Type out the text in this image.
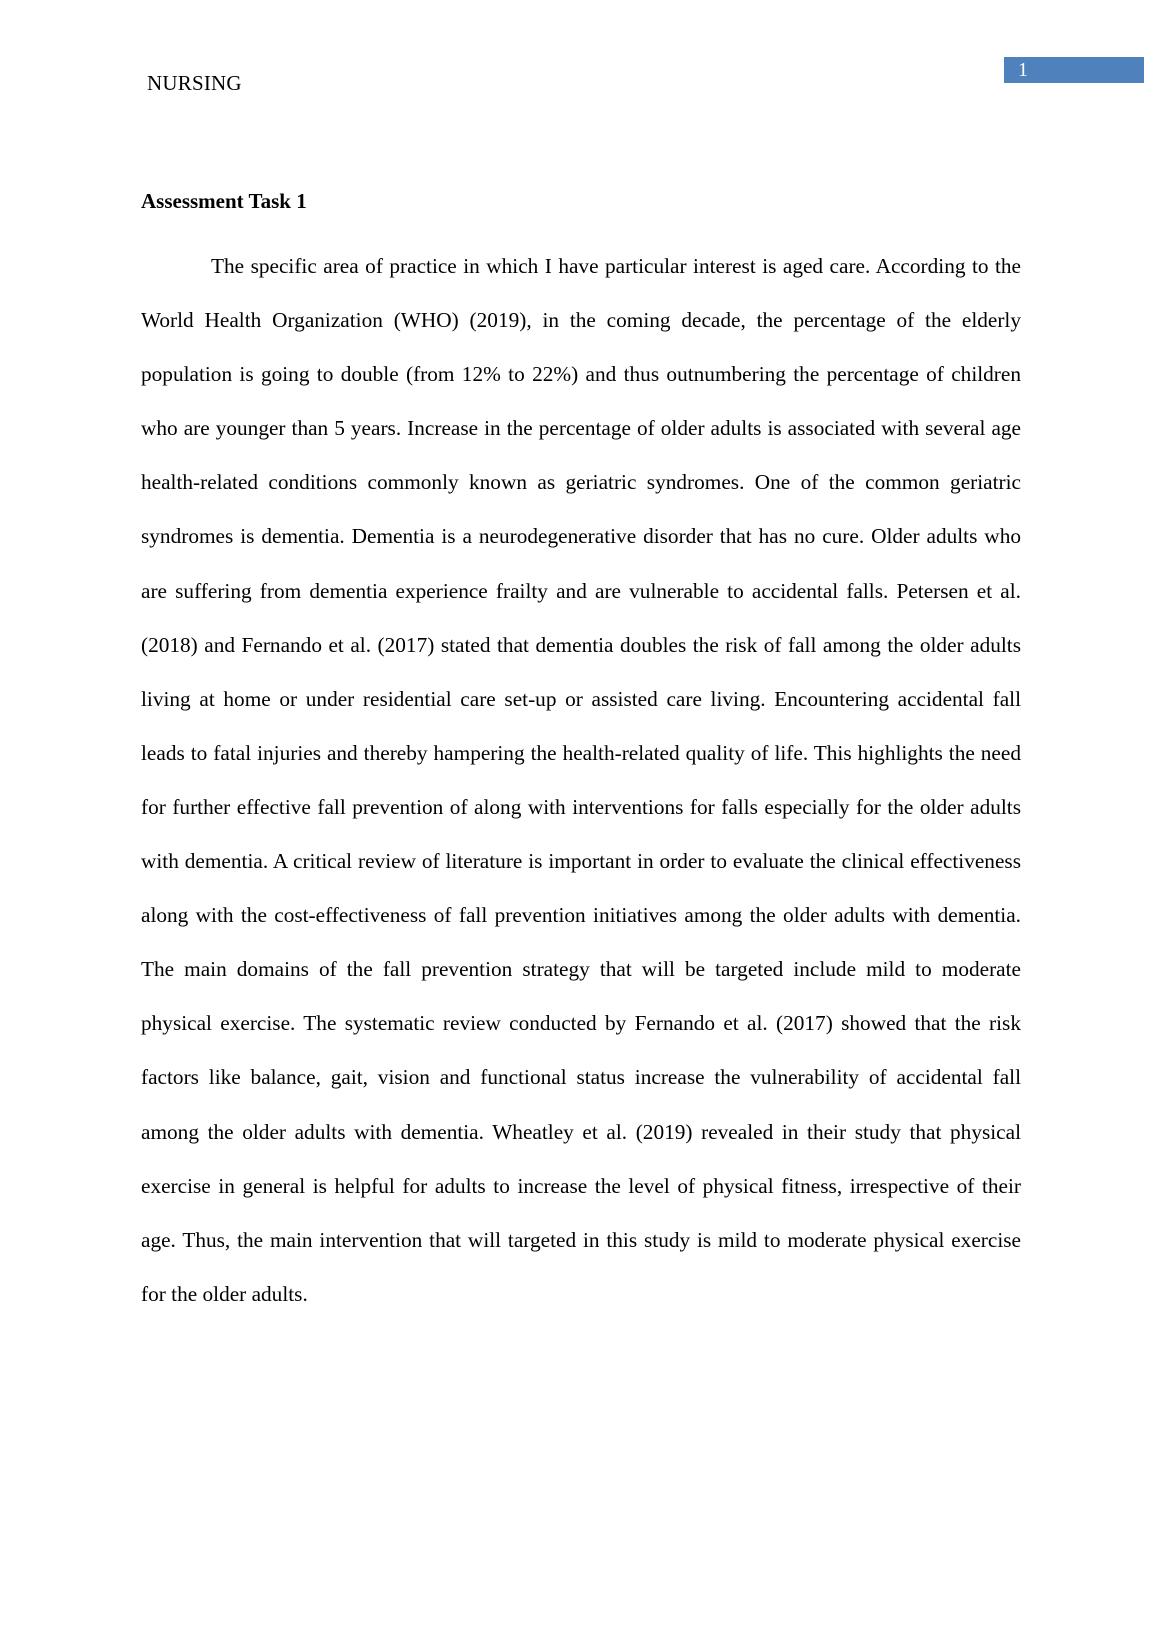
NURSING
1
Assessment Task 1

The specific area of practice in which I have particular interest is aged care. According to the World Health Organization (WHO) (2019), in the coming decade, the percentage of the elderly population is going to double (from 12% to 22%) and thus outnumbering the percentage of children who are younger than 5 years. Increase in the percentage of older adults is associated with several age health-related conditions commonly known as geriatric syndromes. One of the common geriatric syndromes is dementia. Dementia is a neurodegenerative disorder that has no cure. Older adults who are suffering from dementia experience frailty and are vulnerable to accidental falls. Petersen et al. (2018) and Fernando et al. (2017) stated that dementia doubles the risk of fall among the older adults living at home or under residential care set-up or assisted care living. Encountering accidental fall leads to fatal injuries and thereby hampering the health-related quality of life. This highlights the need for further effective fall prevention of along with interventions for falls especially for the older adults with dementia. A critical review of literature is important in order to evaluate the clinical effectiveness along with the cost-effectiveness of fall prevention initiatives among the older adults with dementia. The main domains of the fall prevention strategy that will be targeted include mild to moderate physical exercise. The systematic review conducted by Fernando et al. (2017) showed that the risk factors like balance, gait, vision and functional status increase the vulnerability of accidental fall among the older adults with dementia. Wheatley et al. (2019) revealed in their study that physical exercise in general is helpful for adults to increase the level of physical fitness, irrespective of their age. Thus, the main intervention that will targeted in this study is mild to moderate physical exercise for the older adults.
